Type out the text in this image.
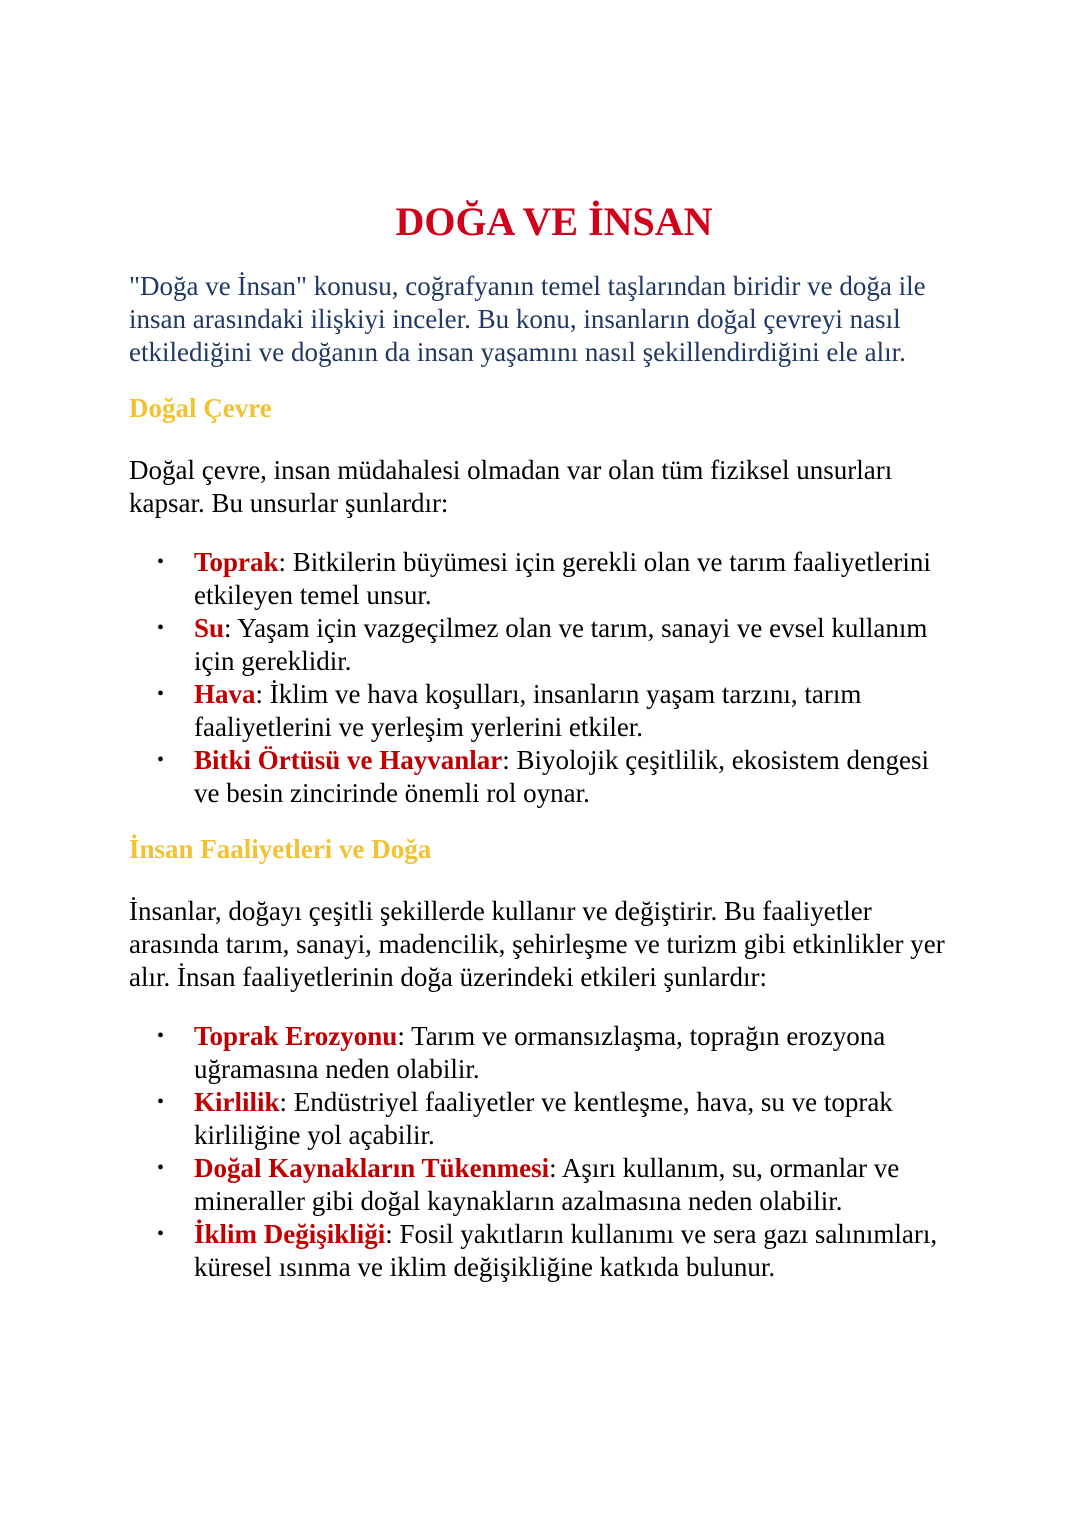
DOĞA VE İNSAN

"Doğa ve İnsan" konusu, coğrafyanın temel taşlarından biridir ve doğa ile insan arasındaki ilişkiyi inceler. Bu konu, insanların doğal çevreyi nasıl etkilediğini ve doğanın da insan yaşamını nasıl şekillendirdiğini ele alır.

Doğal Çevre

Doğal çevre, insan müdahalesi olmadan var olan tüm fiziksel unsurları kapsar. Bu unsurlar şunlardır:

• Toprak: Bitkilerin büyümesi için gerekli olan ve tarım faaliyetlerini etkileyen temel unsur.
• Su: Yaşam için vazgeçilmez olan ve tarım, sanayi ve evsel kullanım için gereklidir.
• Hava: İklim ve hava koşulları, insanların yaşam tarzını, tarım faaliyetlerini ve yerleşim yerlerini etkiler.
• Bitki Örtüsü ve Hayvanlar: Biyolojik çeşitlilik, ekosistem dengesi ve besin zincirinde önemli rol oynar.
İnsan Faaliyetleri ve Doğa

İnsanlar, doğayı çeşitli şekillerde kullanır ve değiştirir. Bu faaliyetler arasında tarım, sanayi, madencilik, şehirleşme ve turizm gibi etkinlikler yer alır. İnsan faaliyetlerinin doğa üzerindeki etkileri şunlardır:

• Toprak Erozyonu: Tarım ve ormansızlaşma, toprağın erozyona uğramasına neden olabilir.
• Kirlilik: Endüstriyel faaliyetler ve kentleşme, hava, su ve toprak kirliliğine yol açabilir.
• Doğal Kaynakların Tükenmesi: Aşırı kullanım, su, ormanlar ve mineraller gibi doğal kaynakların azalmasına neden olabilir.
• İklim Değişikliği: Fosil yakıtların kullanımı ve sera gazı salınımları, küresel ısınma ve iklim değişikliğine katkıda bulunur.
